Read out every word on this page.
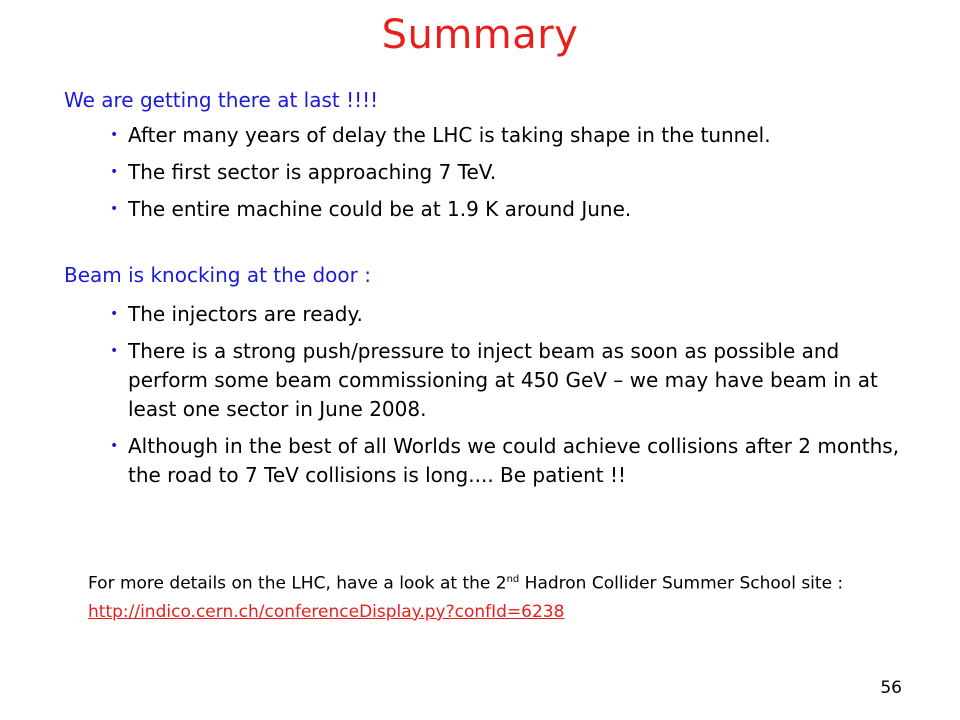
Summary
We are getting there at last !!!!
• After many years of delay the LHC is taking shape in the tunnel.
• The first sector is approaching 7 TeV.
• The entire machine could be at 1.9 K around June.
Beam is knocking at the door :
• The injectors are ready.
• There is a strong push/pressure to inject beam as soon as possible and perform some beam commissioning at 450 GeV – we may have beam in at least one sector in June 2008.
• Although in the best of all Worlds we could achieve collisions after 2 months, the road to 7 TeV collisions is long.... Be patient !!
For more details on the LHC, have a look at the 2nd Hadron Collider Summer School site : http://indico.cern.ch/conferenceDisplay.py?confId=6238
56
